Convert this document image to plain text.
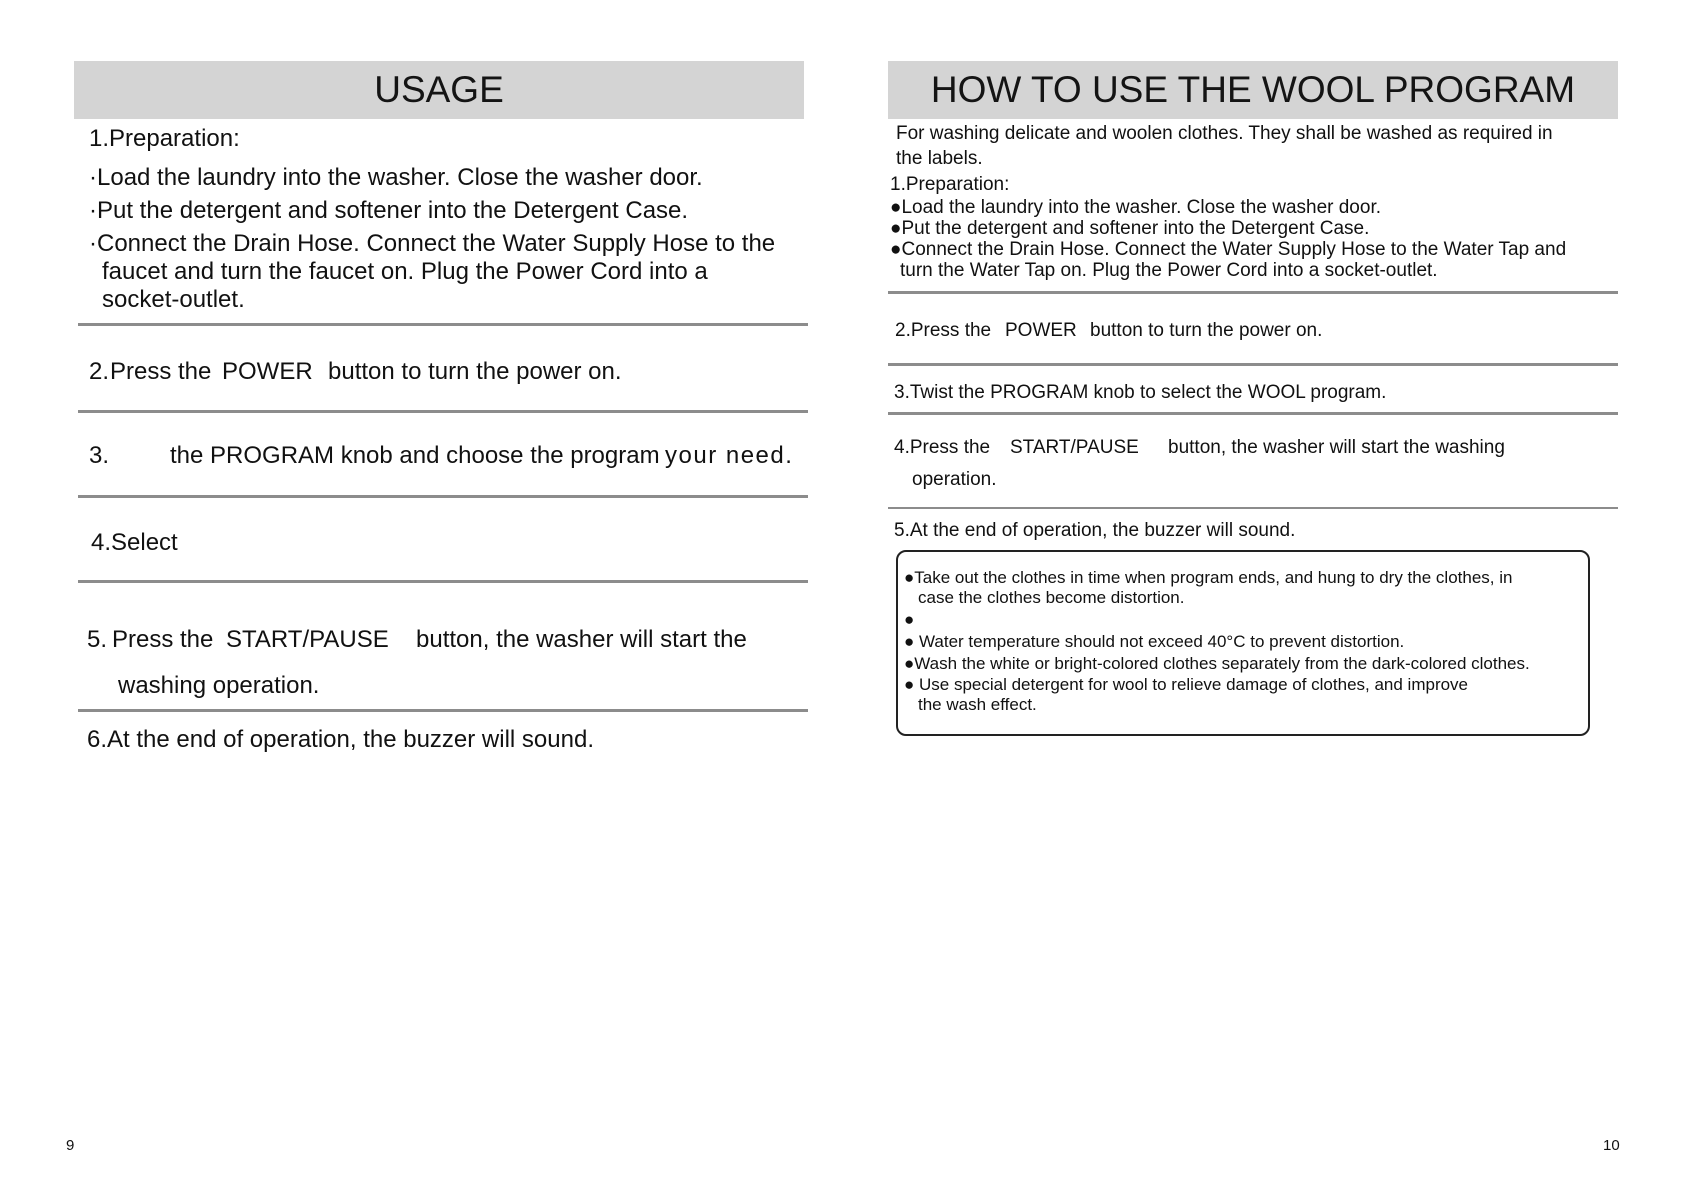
USAGE
1.Preparation:
·Load the laundry into the washer. Close the washer door.
·Put the detergent and softener into the Detergent Case.
·Connect the Drain Hose. Connect the Water Supply Hose to the
faucet and turn the faucet on. Plug the Power Cord into a
socket-outlet.
2. Press the POWER button to turn the power on.
3.	the PROGRAM knob and choose the program your need.
4.Select
5. Press the START/PAUSE button, the washer will start the
washing operation.
6.At the end of operation, the buzzer will sound.
9
HOW TO USE THE WOOL PROGRAM
For washing delicate and woolen clothes. They shall be washed as required in
the labels.
1.Preparation:
●Load the laundry into the washer. Close the washer door.
●Put the detergent and softener into the Detergent Case.
●Connect the Drain Hose. Connect the Water Supply Hose to the Water Tap and
turn the Water Tap on. Plug the Power Cord into a socket-outlet.
2.Press the POWER button to turn the power on.
3.Twist the PROGRAM knob to select the WOOL program.
4.Press the START/PAUSE button, the washer will start the washing
operation.
5.At the end of operation, the buzzer will sound.
●Take out the clothes in time when program ends, and hung to dry the clothes, in
case the clothes become distortion.
●
● Water temperature should not exceed 40°C to prevent distortion.
●Wash the white or bright-colored clothes separately from the dark-colored clothes.
● Use special detergent for wool to relieve damage of clothes, and improve
the wash effect.
10
